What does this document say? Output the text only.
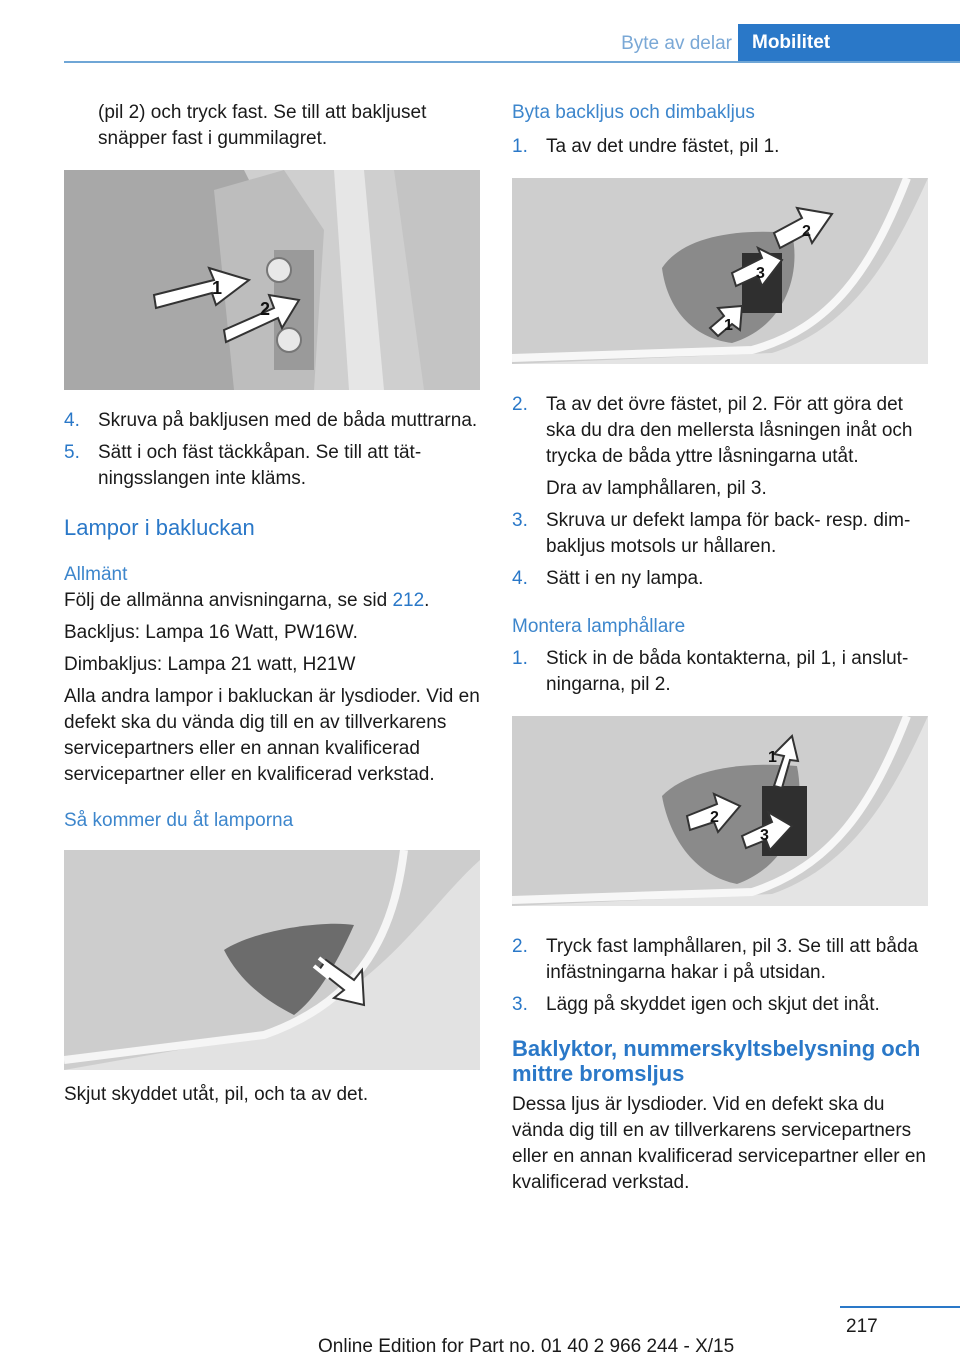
Byte av delar	Mobilitet

(pil 2) och tryck fast. Se till att bakljuset snäpper fast i gummilagret.

1
2
4. Skruva på bakljusen med de båda muttrarna.
5. Sätt i och fäst täckkåpan. Se till att tätningsslangen inte kläms.
Lampor i bakluckan
Allmänt

Följ de allmänna anvisningarna, se sid 212.

Backljus: Lampa 16 Watt, PW16W.

Dimbakljus: Lampa 21 watt, H21W

Alla andra lampor i bakluckan är lysdioder. Vid en defekt ska du vända dig till en av tillverkarens servicepartners eller en annan kvalificerad servicepartner eller en kvalificerad verkstad.

Så kommer du åt lamporna

Skjut skyddet utåt, pil, och ta av det.

Byta backljus och dimbakljus
1. Ta av det undre fästet, pil 1.
1
2
3
2. Ta av det övre fästet, pil 2. För att göra det ska du dra den mellersta låsningen inåt och trycka de båda yttre låsningarna utåt.

Dra av lamphållaren, pil 3.

3. Skruva ur defekt lampa för back- resp. dimbakljus motsols ur hållaren.
4. Sätt i en ny lampa.
Montera lamphållare
1. Stick in de båda kontakterna, pil 1, i anslutningarna, pil 2.
1
2
3
2. Tryck fast lamphållaren, pil 3. Se till att båda infästningarna hakar i på utsidan.
3. Lägg på skyddet igen och skjut det inåt.
Baklyktor, nummerskyltsbelysning och mittre bromsljus

Dessa ljus är lysdioder. Vid en defekt ska du vända dig till en av tillverkarens servicepartners eller en annan kvalificerad servicepartner eller en kvalificerad verkstad.

217
Online Edition for Part no. 01 40 2 966 244 - X/15
